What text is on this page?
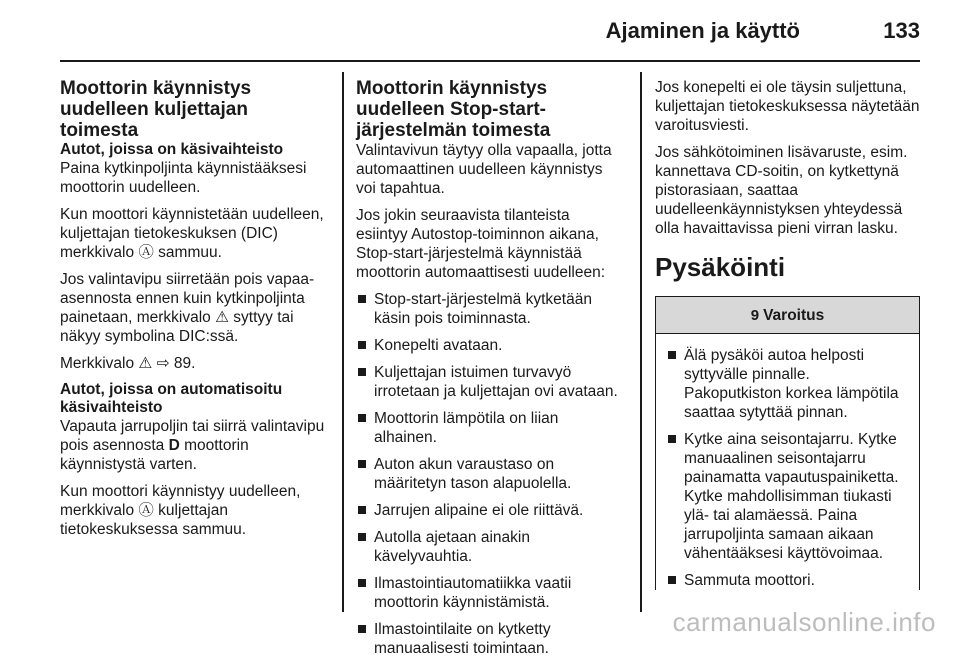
Ajaminen ja käyttö	133
Moottorin käynnistys uudelleen kuljettajan toimesta
Autot, joissa on käsivaihteisto

Paina kytkinpoljinta käynnistääksesi moottorin uudelleen.

Kun moottori käynnistetään uudelleen, kuljettajan tietokeskuksen (DIC) merkkivalo Ⓐ sammuu.

Jos valintavipu siirretään pois vapaa-asennosta ennen kuin kytkinpoljinta painetaan, merkkivalo ⚠ syttyy tai näkyy symbolina DIC:ssä.

Merkkivalo ⚠ ⇨ 89.

Autot, joissa on automatisoitu käsivaihteisto

Vapauta jarrupoljin tai siirrä valintavipu pois asennosta D moottorin käynnistystä varten.

Kun moottori käynnistyy uudelleen, merkkivalo Ⓐ kuljettajan tietokeskuksessa sammuu.

Moottorin käynnistys uudelleen Stop-start-järjestelmän toimesta

Valintavivun täytyy olla vapaalla, jotta automaattinen uudelleen käynnistys voi tapahtua.

Jos jokin seuraavista tilanteista esiintyy Autostop-toiminnon aikana, Stop-start-järjestelmä käynnistää moottorin automaattisesti uudelleen:

Stop-start-järjestelmä kytketään käsin pois toiminnasta.
Konepelti avataan.
Kuljettajan istuimen turvavyö irrotetaan ja kuljettajan ovi avataan.
Moottorin lämpötila on liian alhainen.
Auton akun varaustaso on määritetyn tason alapuolella.
Jarrujen alipaine ei ole riittävä.
Autolla ajetaan ainakin kävelyvauhtia.
Ilmastointiautomatiikka vaatii moottorin käynnistämistä.
Ilmastointilaite on kytketty manuaalisesti toimintaan.

Jos konepelti ei ole täysin suljettuna, kuljettajan tietokeskuksessa näytetään varoitusviesti.

Jos sähkötoiminen lisävaruste, esim. kannettava CD-soitin, on kytkettynä pistorasiaan, saattaa uudelleenkäynnistyksen yhteydessä olla havaittavissa pieni virran lasku.

Pysäköinti
9 Varoitus
Älä pysäköi autoa helposti syttyvälle pinnalle. Pakoputkiston korkea lämpötila saattaa sytyttää pinnan.
Kytke aina seisontajarru. Kytke manuaalinen seisontajarru painamatta vapautuspainiketta. Kytke mahdollisimman tiukasti ylä- tai alamäessä. Paina jarrupoljinta samaan aikaan vähentääksesi käyttövoimaa.
Sammuta moottori.
carmanualsonline.info
